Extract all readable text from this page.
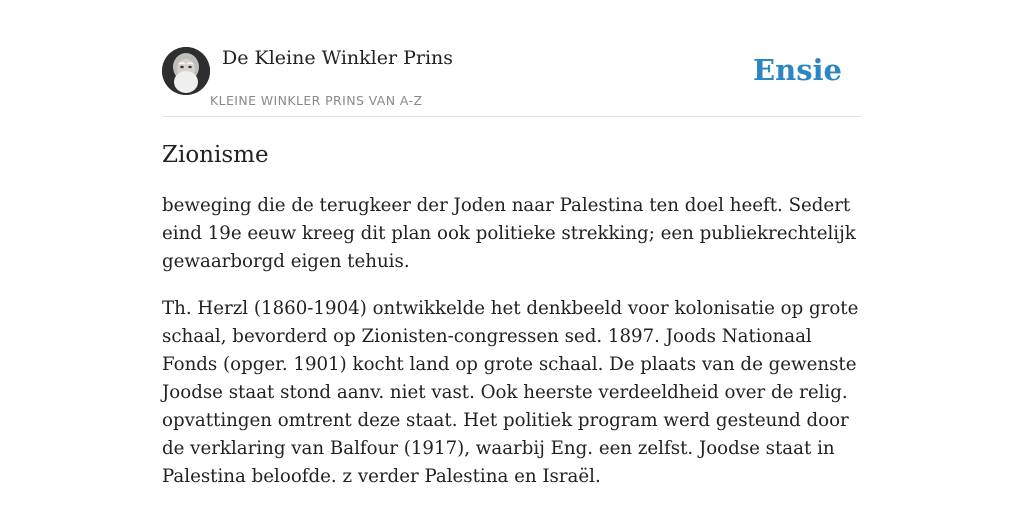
De Kleine Winkler Prins
KLEINE WINKLER PRINS VAN A-Z
Ensie
Zionisme

beweging die de terugkeer der Joden naar Palestina ten doel heeft. Sedert eind 19e eeuw kreeg dit plan ook politieke strekking; een publiekrechtelijk gewaarborgd eigen tehuis.

Th. Herzl (1860-1904) ontwikkelde het denkbeeld voor kolonisatie op grote schaal, bevorderd op Zionisten-congressen sed. 1897. Joods Nationaal Fonds (opger. 1901) kocht land op grote schaal. De plaats van de gewenste Joodse staat stond aanv. niet vast. Ook heerste verdeeldheid over de relig. opvattingen omtrent deze staat. Het politiek program werd gesteund door de verklaring van Balfour (1917), waarbij Eng. een zelfst. Joodse staat in Palestina beloofde. z verder Palestina en Israël.
